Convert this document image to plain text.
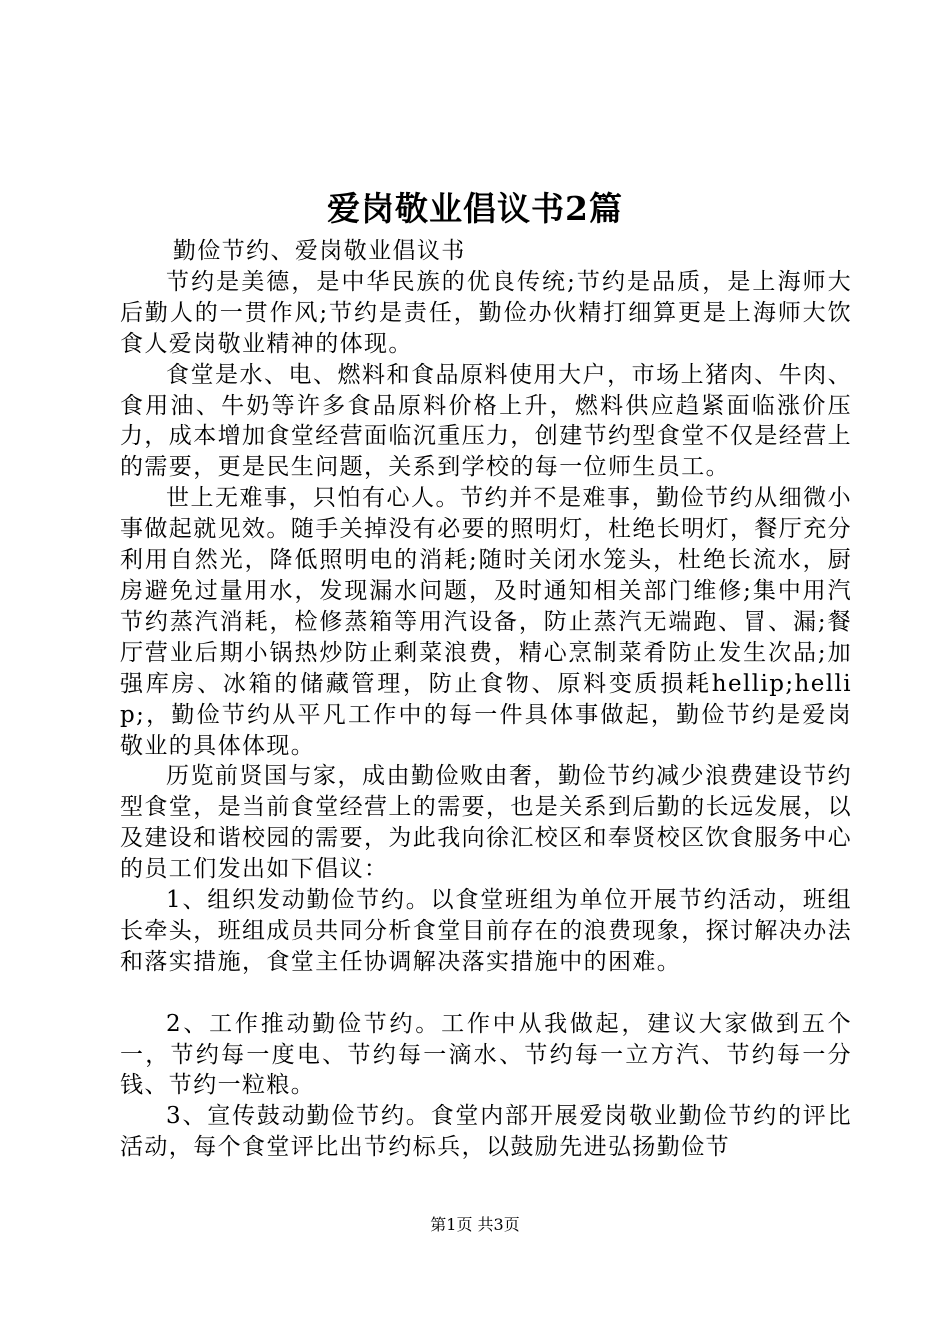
爱岗敬业倡议书2篇

勤俭节约、爱岗敬业倡议书

节约是美德，是中华民族的优良传统;节约是品质，是上海师大后勤人的一贯作风;节约是责任，勤俭办伙精打细算更是上海师大饮食人爱岗敬业精神的体现。

食堂是水、电、燃料和食品原料使用大户，市场上猪肉、牛肉、食用油、牛奶等许多食品原料价格上升，燃料供应趋紧面临涨价压力，成本增加食堂经营面临沉重压力，创建节约型食堂不仅是经营上的需要，更是民生问题，关系到学校的每一位师生员工。

世上无难事，只怕有心人。节约并不是难事，勤俭节约从细微小事做起就见效。随手关掉没有必要的照明灯，杜绝长明灯，餐厅充分利用自然光，降低照明电的消耗;随时关闭水笼头，杜绝长流水，厨房避免过量用水，发现漏水问题，及时通知相关部门维修;集中用汽节约蒸汽消耗，检修蒸箱等用汽设备，防止蒸汽无端跑、冒、漏;餐厅营业后期小锅热炒防止剩菜浪费，精心烹制菜肴防止发生次品;加强库房、冰箱的储藏管理，防止食物、原料变质损耗hellip;hellip;，勤俭节约从平凡工作中的每一件具体事做起，勤俭节约是爱岗敬业的具体体现。

历览前贤国与家，成由勤俭败由奢，勤俭节约减少浪费建设节约型食堂，是当前食堂经营上的需要，也是关系到后勤的长远发展，以及建设和谐校园的需要，为此我向徐汇校区和奉贤校区饮食服务中心的员工们发出如下倡议：

1、组织发动勤俭节约。以食堂班组为单位开展节约活动，班组长牵头，班组成员共同分析食堂目前存在的浪费现象，探讨解决办法和落实措施，食堂主任协调解决落实措施中的困难。

2、工作推动勤俭节约。工作中从我做起，建议大家做到五个一，节约每一度电、节约每一滴水、节约每一立方汽、节约每一分钱、节约一粒粮。

3、宣传鼓动勤俭节约。食堂内部开展爱岗敬业勤俭节约的评比活动，每个食堂评比出节约标兵，以鼓励先进弘扬勤俭节

第1页 共3页
